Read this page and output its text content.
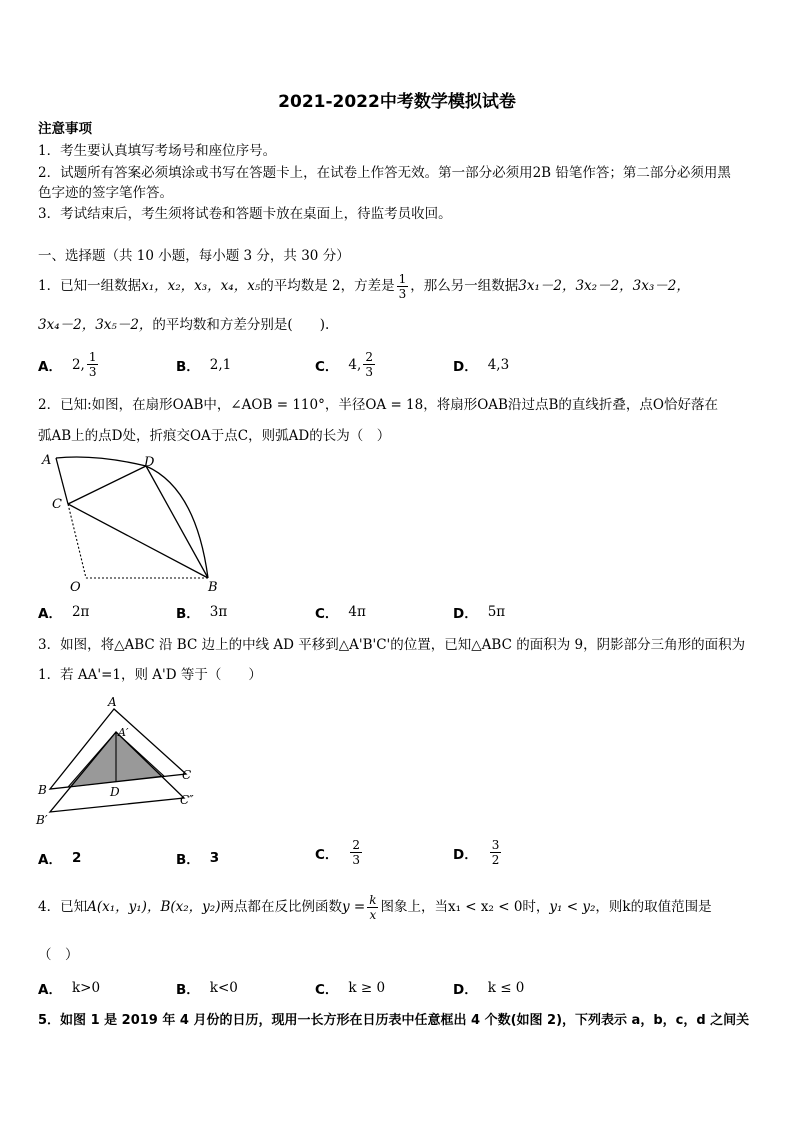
2021-2022中考数学模拟试卷
注意事项
1．考生要认真填写考场号和座位序号。
2．试题所有答案必须填涂或书写在答题卡上，在试卷上作答无效。第一部分必须用2B 铅笔作答；第二部分必须用黑
色字迹的签字笔作答。
3．考试结束后，考生须将试卷和答题卡放在桌面上，待监考员收回。
一、选择题（共 10 小题，每小题 3 分，共 30 分）
1．已知一组数据x₁，x₂，x₃，x₄，x₅的平均数是 2，方差是 $\frac{1}{3}$ ，那么另一组数据3x₁－2，3x₂－2，3x₃－2，
3x₄－2，3x₅－2，的平均数和方差分别是(　　).
A． 2, $\frac{1}{3}$	B． 2,1	C． 4, $\frac{2}{3}$	D． 4,3
2．已知:如图，在扇形OAB中，∠AOB = 110°，半径OA = 18，将扇形OAB沿过点B的直线折叠，点O恰好落在
弧AB上的点D处，折痕交OA于点C，则弧AD的长为（　）
A	D
C
O	B
A． 2π	B． 3π	C． 4π	D． 5π
3．如图，将△ABC 沿 BC 边上的中线 AD 平移到△A'B'C'的位置，已知△ABC 的面积为 9，阴影部分三角形的面积为
1．若 AA'=1，则 A'D 等于（　　）
A
A′
B
B′
C
C″
D
A． 2	B． 3	C． $\frac{2}{3}$	D． $\frac{3}{2}$
4．已知A(x₁，y₁)，B(x₂，y₂)两点都在反比例函数$y = \frac{k}{x}$ 图象上，当x₁ < x₂ < 0时，y₁ < y₂，则k的取值范围是
（　）
A． k>0	B． k<0	C． k ≥ 0	D． k ≤ 0
5．如图 1 是 2019 年 4 月份的日历，现用一长方形在日历表中任意框出 4 个数(如图 2)，下列表示 a，b，c，d 之间关
